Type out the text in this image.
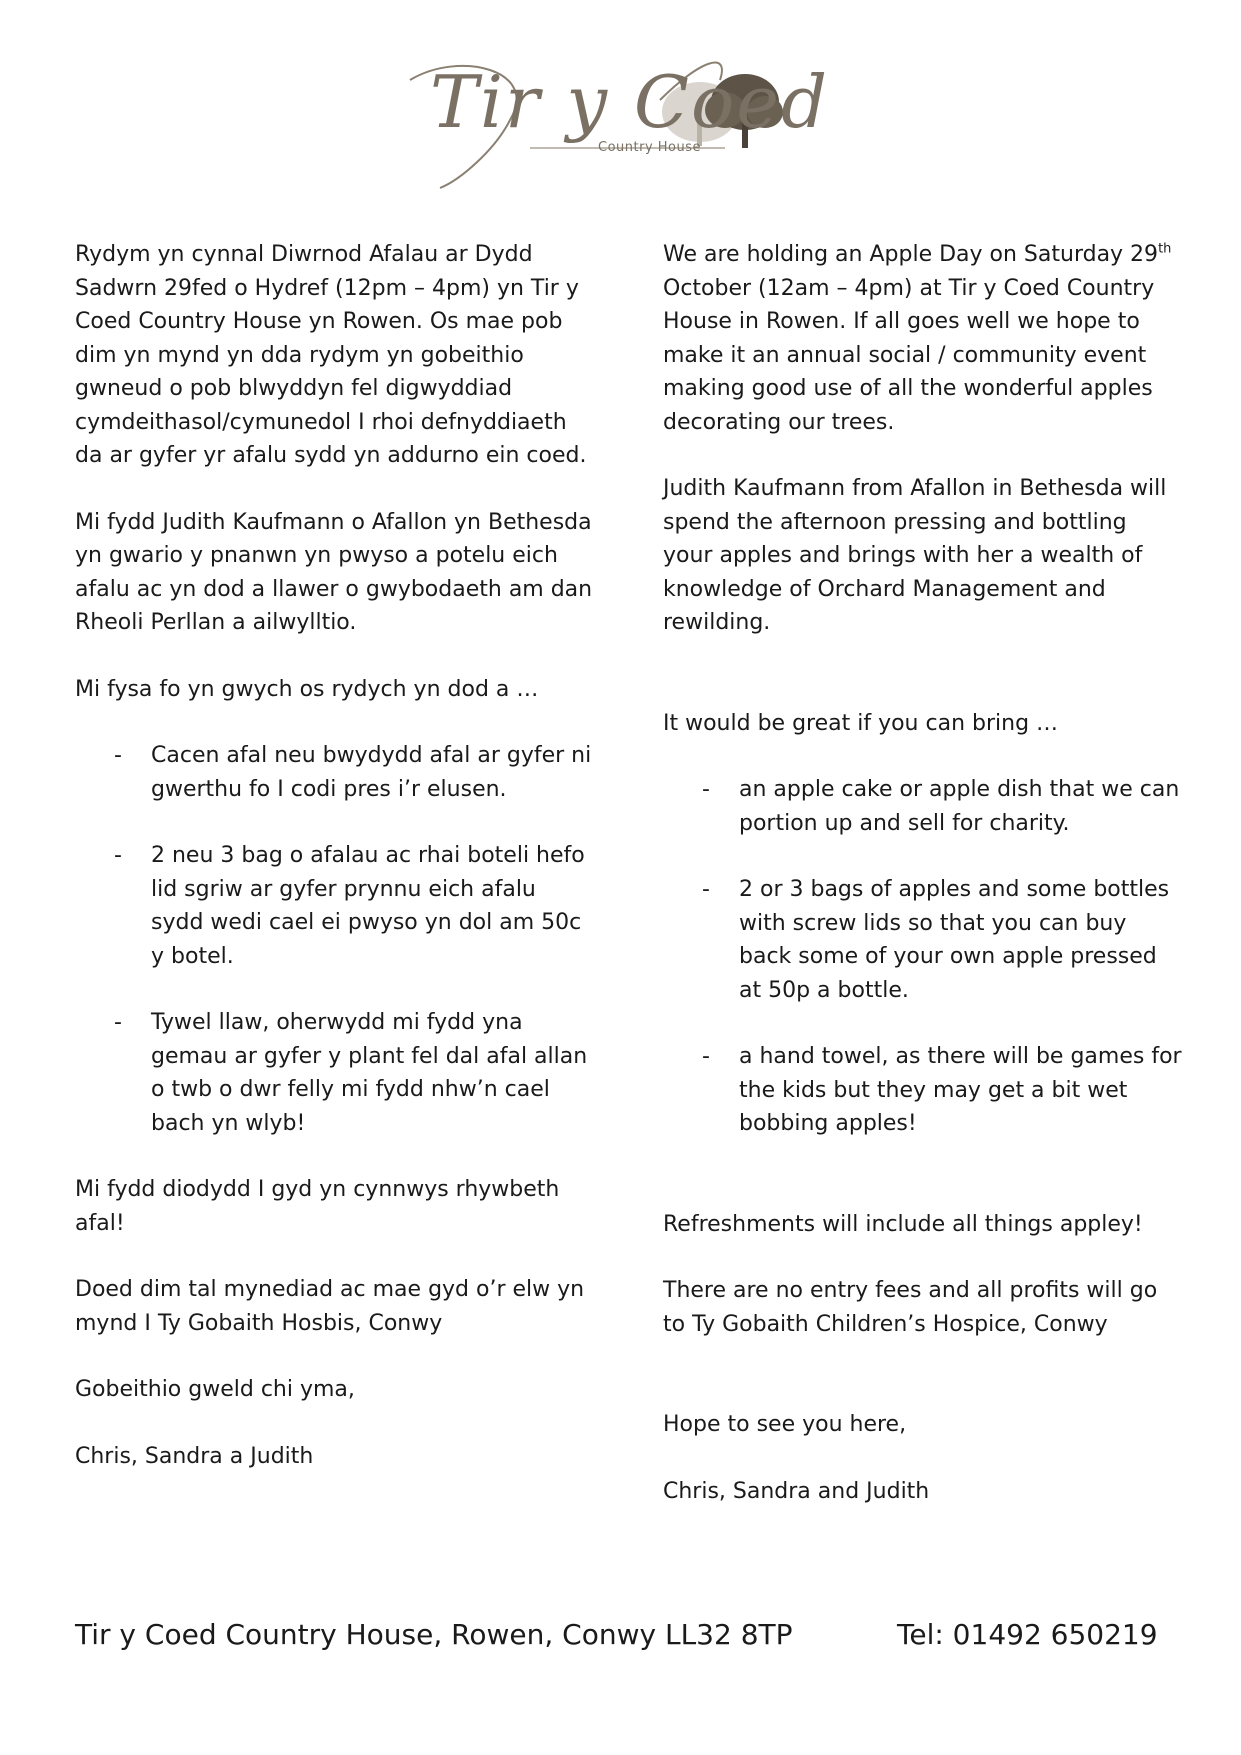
Tir y Coed
Country House

Rydym yn cynnal Diwrnod Afalau ar Dydd Sadwrn 29fed o Hydref (12pm – 4pm) yn Tir y Coed Country House yn Rowen. Os mae pob dim yn mynd yn dda rydym yn gobeithio gwneud o pob blwyddyn fel digwyddiad cymdeithasol/cymunedol I rhoi defnyddiaeth da ar gyfer yr afalu sydd yn addurno ein coed.

Mi fydd Judith Kaufmann o Afallon yn Bethesda yn gwario y pnanwn yn pwyso a potelu eich afalu ac yn dod a llawer o gwybodaeth am dan Rheoli Perllan a ailwylltio.

Mi fysa fo yn gwych os rydych yn dod a …

- Cacen afal neu bwydydd afal ar gyfer ni gwerthu fo I codi pres i’r elusen.
- 2 neu 3 bag o afalau ac rhai boteli hefo lid sgriw ar gyfer prynnu eich afalu sydd wedi cael ei pwyso yn dol am 50c y botel.
- Tywel llaw, oherwydd mi fydd yna gemau ar gyfer y plant fel dal afal allan o twb o dwr felly mi fydd nhw’n cael bach yn wlyb!

Mi fydd diodydd I gyd yn cynnwys rhywbeth afal!

Doed dim tal mynediad ac mae gyd o’r elw yn mynd I Ty Gobaith Hosbis, Conwy

Gobeithio gweld chi yma,

Chris, Sandra a Judith

We are holding an Apple Day on Saturday 29th October (12am – 4pm) at Tir y Coed Country House in Rowen. If all goes well we hope to make it an annual social / community event making good use of all the wonderful apples decorating our trees.

Judith Kaufmann from Afallon in Bethesda will spend the afternoon pressing and bottling your apples and brings with her a wealth of knowledge of Orchard Management and rewilding.

It would be great if you can bring …

- an apple cake or apple dish that we can portion up and sell for charity.
- 2 or 3 bags of apples and some bottles with screw lids so that you can buy back some of your own apple pressed at 50p a bottle.
- a hand towel, as there will be games for the kids but they may get a bit wet bobbing apples!

Refreshments will include all things appley!

There are no entry fees and all profits will go to Ty Gobaith Children’s Hospice, Conwy

Hope to see you here,

Chris, Sandra and Judith

Tir y Coed Country House, Rowen, Conwy LL32 8TP	Tel: 01492 650219
